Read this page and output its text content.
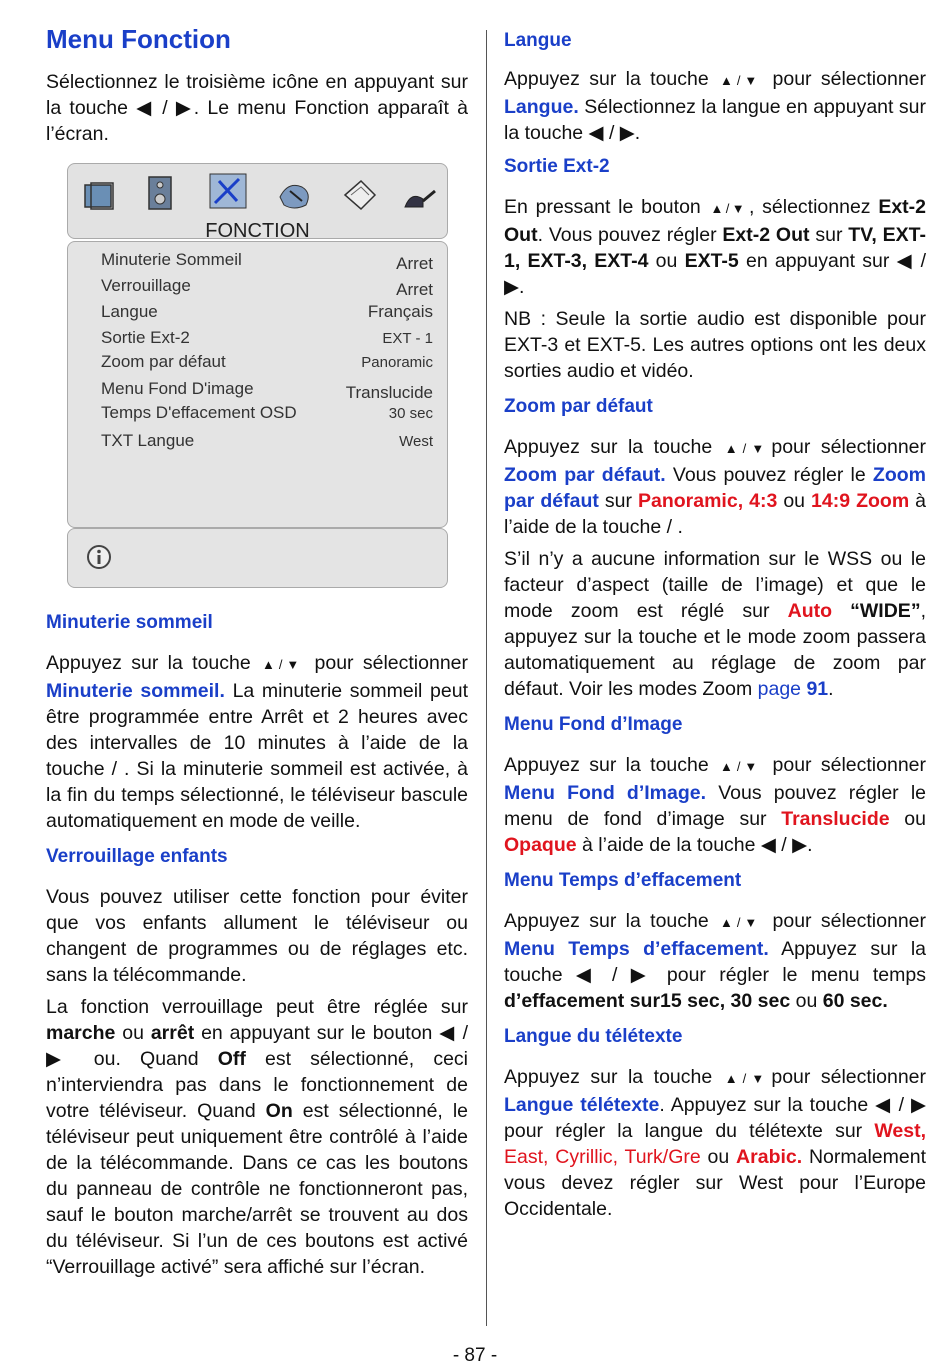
Menu Fonction

Sélectionnez le troisième icône en appuyant sur la touche ◀ / ▶. Le menu Fonction apparaît à l’écran.

FONCTION
Minuterie Sommeil	Arret
Verrouillage	Arret
Langue	Français
Sortie Ext-2	EXT - 1
Zoom par défaut	Panoramic
Menu Fond D'image	Translucide
Temps D'effacement OSD	30 sec
TXT Langue	West
Minuterie sommeil

Appuyez sur la touche ▲/▼ pour sélectionner Minuterie sommeil. La minuterie sommeil peut être programmée entre Arrêt et 2 heures avec des intervalles de 10 minutes à l’aide de la touche / . Si la minuterie sommeil est activée, à la fin du temps sélectionné, le téléviseur bascule automatiquement en mode de veille.

Verrouillage enfants

Vous pouvez utiliser cette fonction pour éviter que vos enfants allument le téléviseur ou changent de programmes ou de réglages etc. sans la télécommande.

La fonction verrouillage peut être réglée sur marche ou arrêt en appuyant sur le bouton ◀ / ▶ ou. Quand Off est sélectionné, ceci n’interviendra pas dans le fonctionnement de votre téléviseur. Quand On est sélectionné, le téléviseur peut uniquement être contrôlé à l’aide de la télécommande. Dans ce cas les boutons du panneau de contrôle ne fonctionneront pas, sauf le bouton marche/arrêt se trouvent au dos du téléviseur. Si l’un de ces boutons est activé “Verrouillage activé” sera affiché sur l’écran.

Langue

Appuyez sur la touche ▲/▼ pour sélectionner Langue. Sélectionnez la langue en appuyant sur la touche ◀ / ▶.

Sortie Ext-2

En pressant le bouton ▲/▼ , sélectionnez Ext-2 Out. Vous pouvez régler Ext-2 Out sur TV, EXT-1, EXT-3, EXT-4 ou EXT-5 en appuyant sur ◀ / ▶.

NB : Seule la sortie audio est disponible pour EXT-3 et EXT-5. Les autres options ont les deux sorties audio et vidéo.

Zoom par défaut

Appuyez sur la touche ▲/▼ pour sélectionner Zoom par défaut. Vous pouvez régler le Zoom par défaut sur Panoramic, 4:3 ou 14:9 Zoom à l’aide de la touche / .

S’il n’y a aucune information sur le WSS ou le facteur d’aspect (taille de l’image) et que le mode zoom est réglé sur Auto “WIDE”, appuyez sur la touche et le mode zoom passera automatiquement au réglage de zoom par défaut. Voir les modes Zoom page 91.

Menu Fond d’Image

Appuyez sur la touche ▲/▼ pour sélectionner Menu Fond d’Image. Vous pouvez régler le menu de fond d’image sur Translucide ou Opaque à l’aide de la touche ◀ / ▶.

Menu Temps d’effacement

Appuyez sur la touche ▲/▼ pour sélectionner Menu Temps d’effacement. Appuyez sur la touche ◀ / ▶ pour régler le menu temps d’effacement sur15 sec, 30 sec ou 60 sec.

Langue du télétexte

Appuyez sur la touche ▲/▼ pour sélectionner Langue télétexte. Appuyez sur la touche ◀ / ▶ pour régler la langue du télétexte sur West, East, Cyrillic, Turk/Gre ou Arabic. Normalement vous devez régler sur West pour l’Europe Occidentale.

- 87 -
